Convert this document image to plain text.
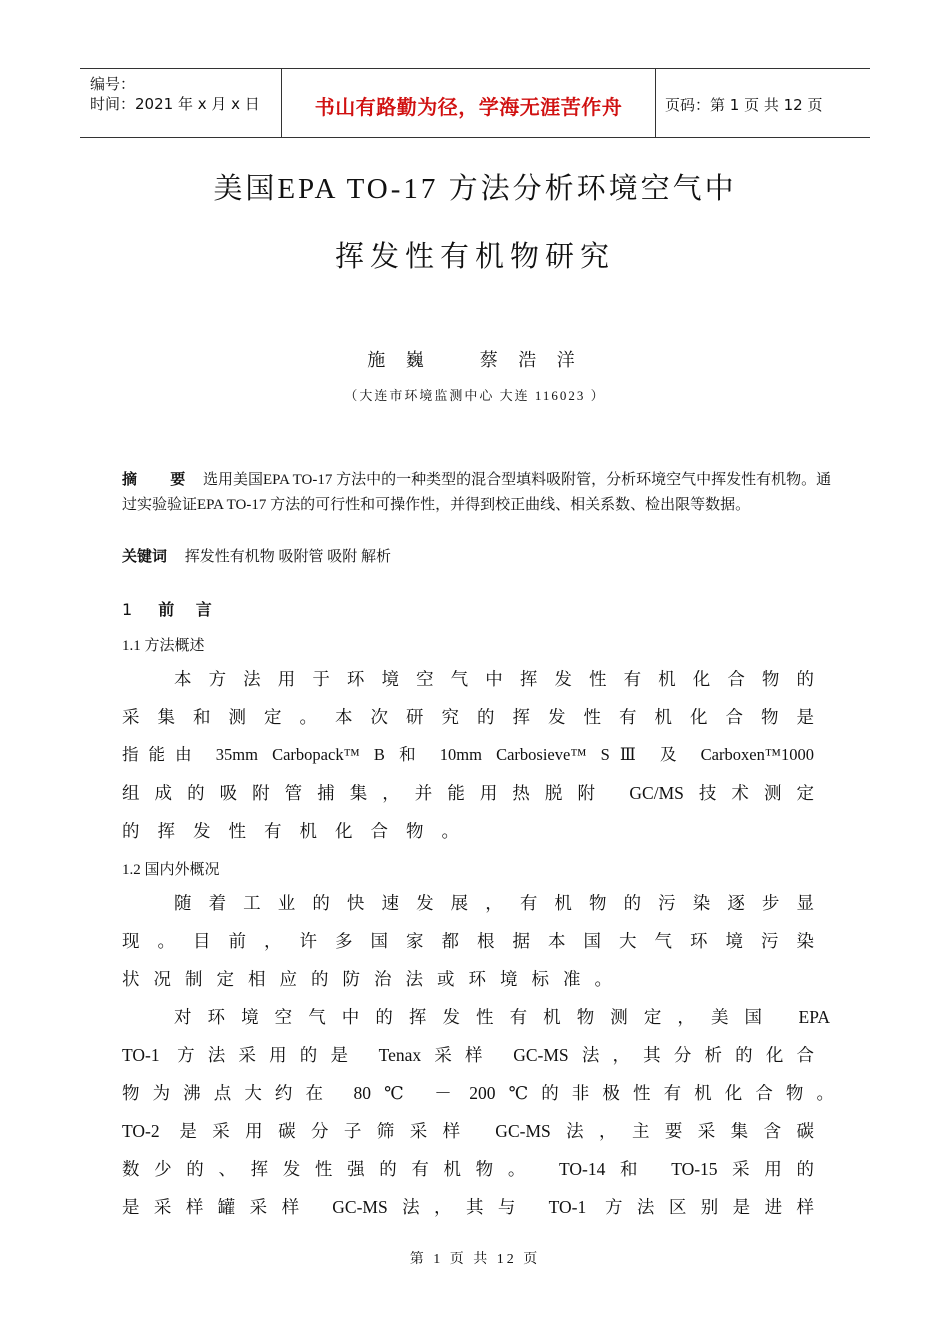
编号：
时间：2021 年 x 月 x 日	书山有路勤为径，学海无涯苦作舟	页码：第 1 页 共 12 页
美国EPA TO-17 方法分析环境空气中
挥发性有机物研究
施 巍	蔡 浩 洋
（大连市环境监测中心 大连 116023 ）
摘 要 选用美国EPA TO-17 方法中的一种类型的混合型填料吸附管，分析环境空气中挥发性有机物。通过实验验证EPA TO-17 方法的可行性和可操作性，并得到校正曲线、相关系数、检出限等数据。
关键词 挥发性有机物 吸附管 吸附 解析
1 前 言
1.1 方法概述
本方法用于环境空气中挥发性有机化合物的
采集和测定。本次研究的挥发性有机化合物是
指能由 35mm Carbopack™ B 和 10mm Carbosieve™ SⅢ 及 Carboxen™1000
组成的吸附管捕集，并能用热脱附 GC/MS技术测定
的挥发性有机化合物。
1.2 国内外概况
随着工业的快速发展，有机物的污染逐步显
现。目前，许多国家都根据本国大气环境污染
状况制定相应的防治法或环境标准。
对环境空气中的挥发性有机物测定，美国 EPA
TO-1 方法采用的是 Tenax采样 GC-MS法，其分析的化合
物为沸点大约在 80℃ － 200℃的非极性有机化合物。
TO-2 是采用碳分子筛采样 GC-MS法，主要采集含碳
数少的、挥发性强的有机物。 TO-14和 TO-15采用的
是采样罐采样 GC-MS法，其与 TO-1 方法区别是进样
第 1 页 共 12 页
